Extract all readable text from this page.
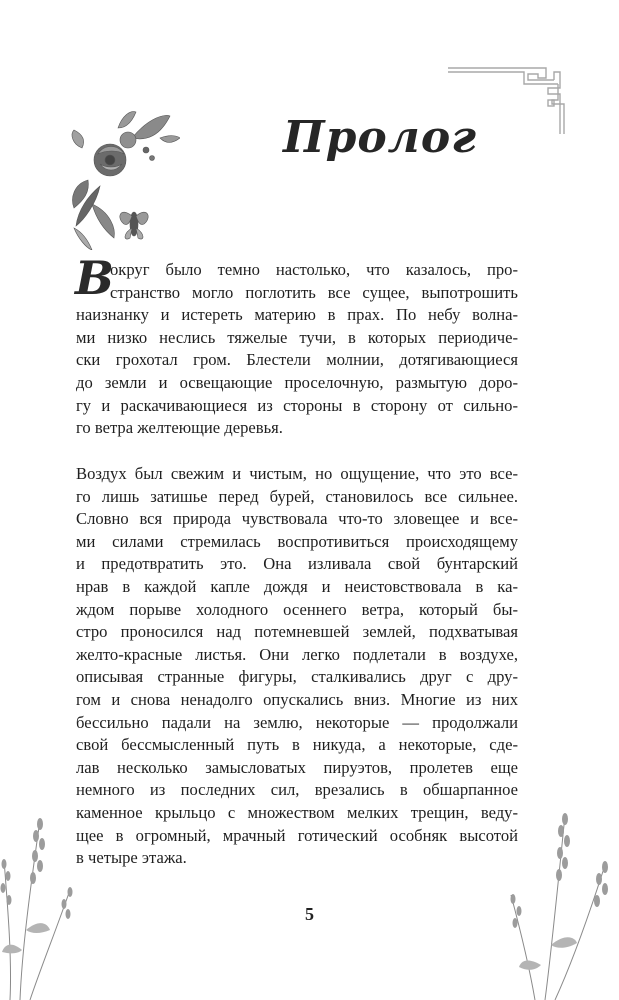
Пролог
В
округ было темно настолько, что казалось, про-
странство могло поглотить все сущее, выпотрошить
наизнанку и истереть материю в прах. По небу волна-
ми низко неслись тяжелые тучи, в которых периодиче-
ски грохотал гром. Блестели молнии, дотягивающиеся
до земли и освещающие проселочную, размытую доро-
гу и раскачивающиеся из стороны в сторону от сильно-
го ветра желтеющие деревья.
Воздух был свежим и чистым, но ощущение, что это все-
го лишь затишье перед бурей, становилось все сильнее.
Словно вся природа чувствовала что-то зловещее и все-
ми силами стремилась воспротивиться происходящему
и предотвратить это. Она изливала свой бунтарский
нрав в каждой капле дождя и неистовствовала в ка-
ждом порыве холодного осеннего ветра, который бы-
стро проносился над потемневшей землей, подхватывая
желто-красные листья. Они легко подлетали в воздухе,
описывая странные фигуры, сталкивались друг с дру-
гом и снова ненадолго опускались вниз. Многие из них
бессильно падали на землю, некоторые — продолжали
свой бессмысленный путь в никуда, а некоторые, сде-
лав несколько замысловатых пируэтов, пролетев еще
немного из последних сил, врезались в обшарпанное
каменное крыльцо с множеством мелких трещин, веду-
щее в огромный, мрачный готический особняк высотой
в четыре этажа.
5
